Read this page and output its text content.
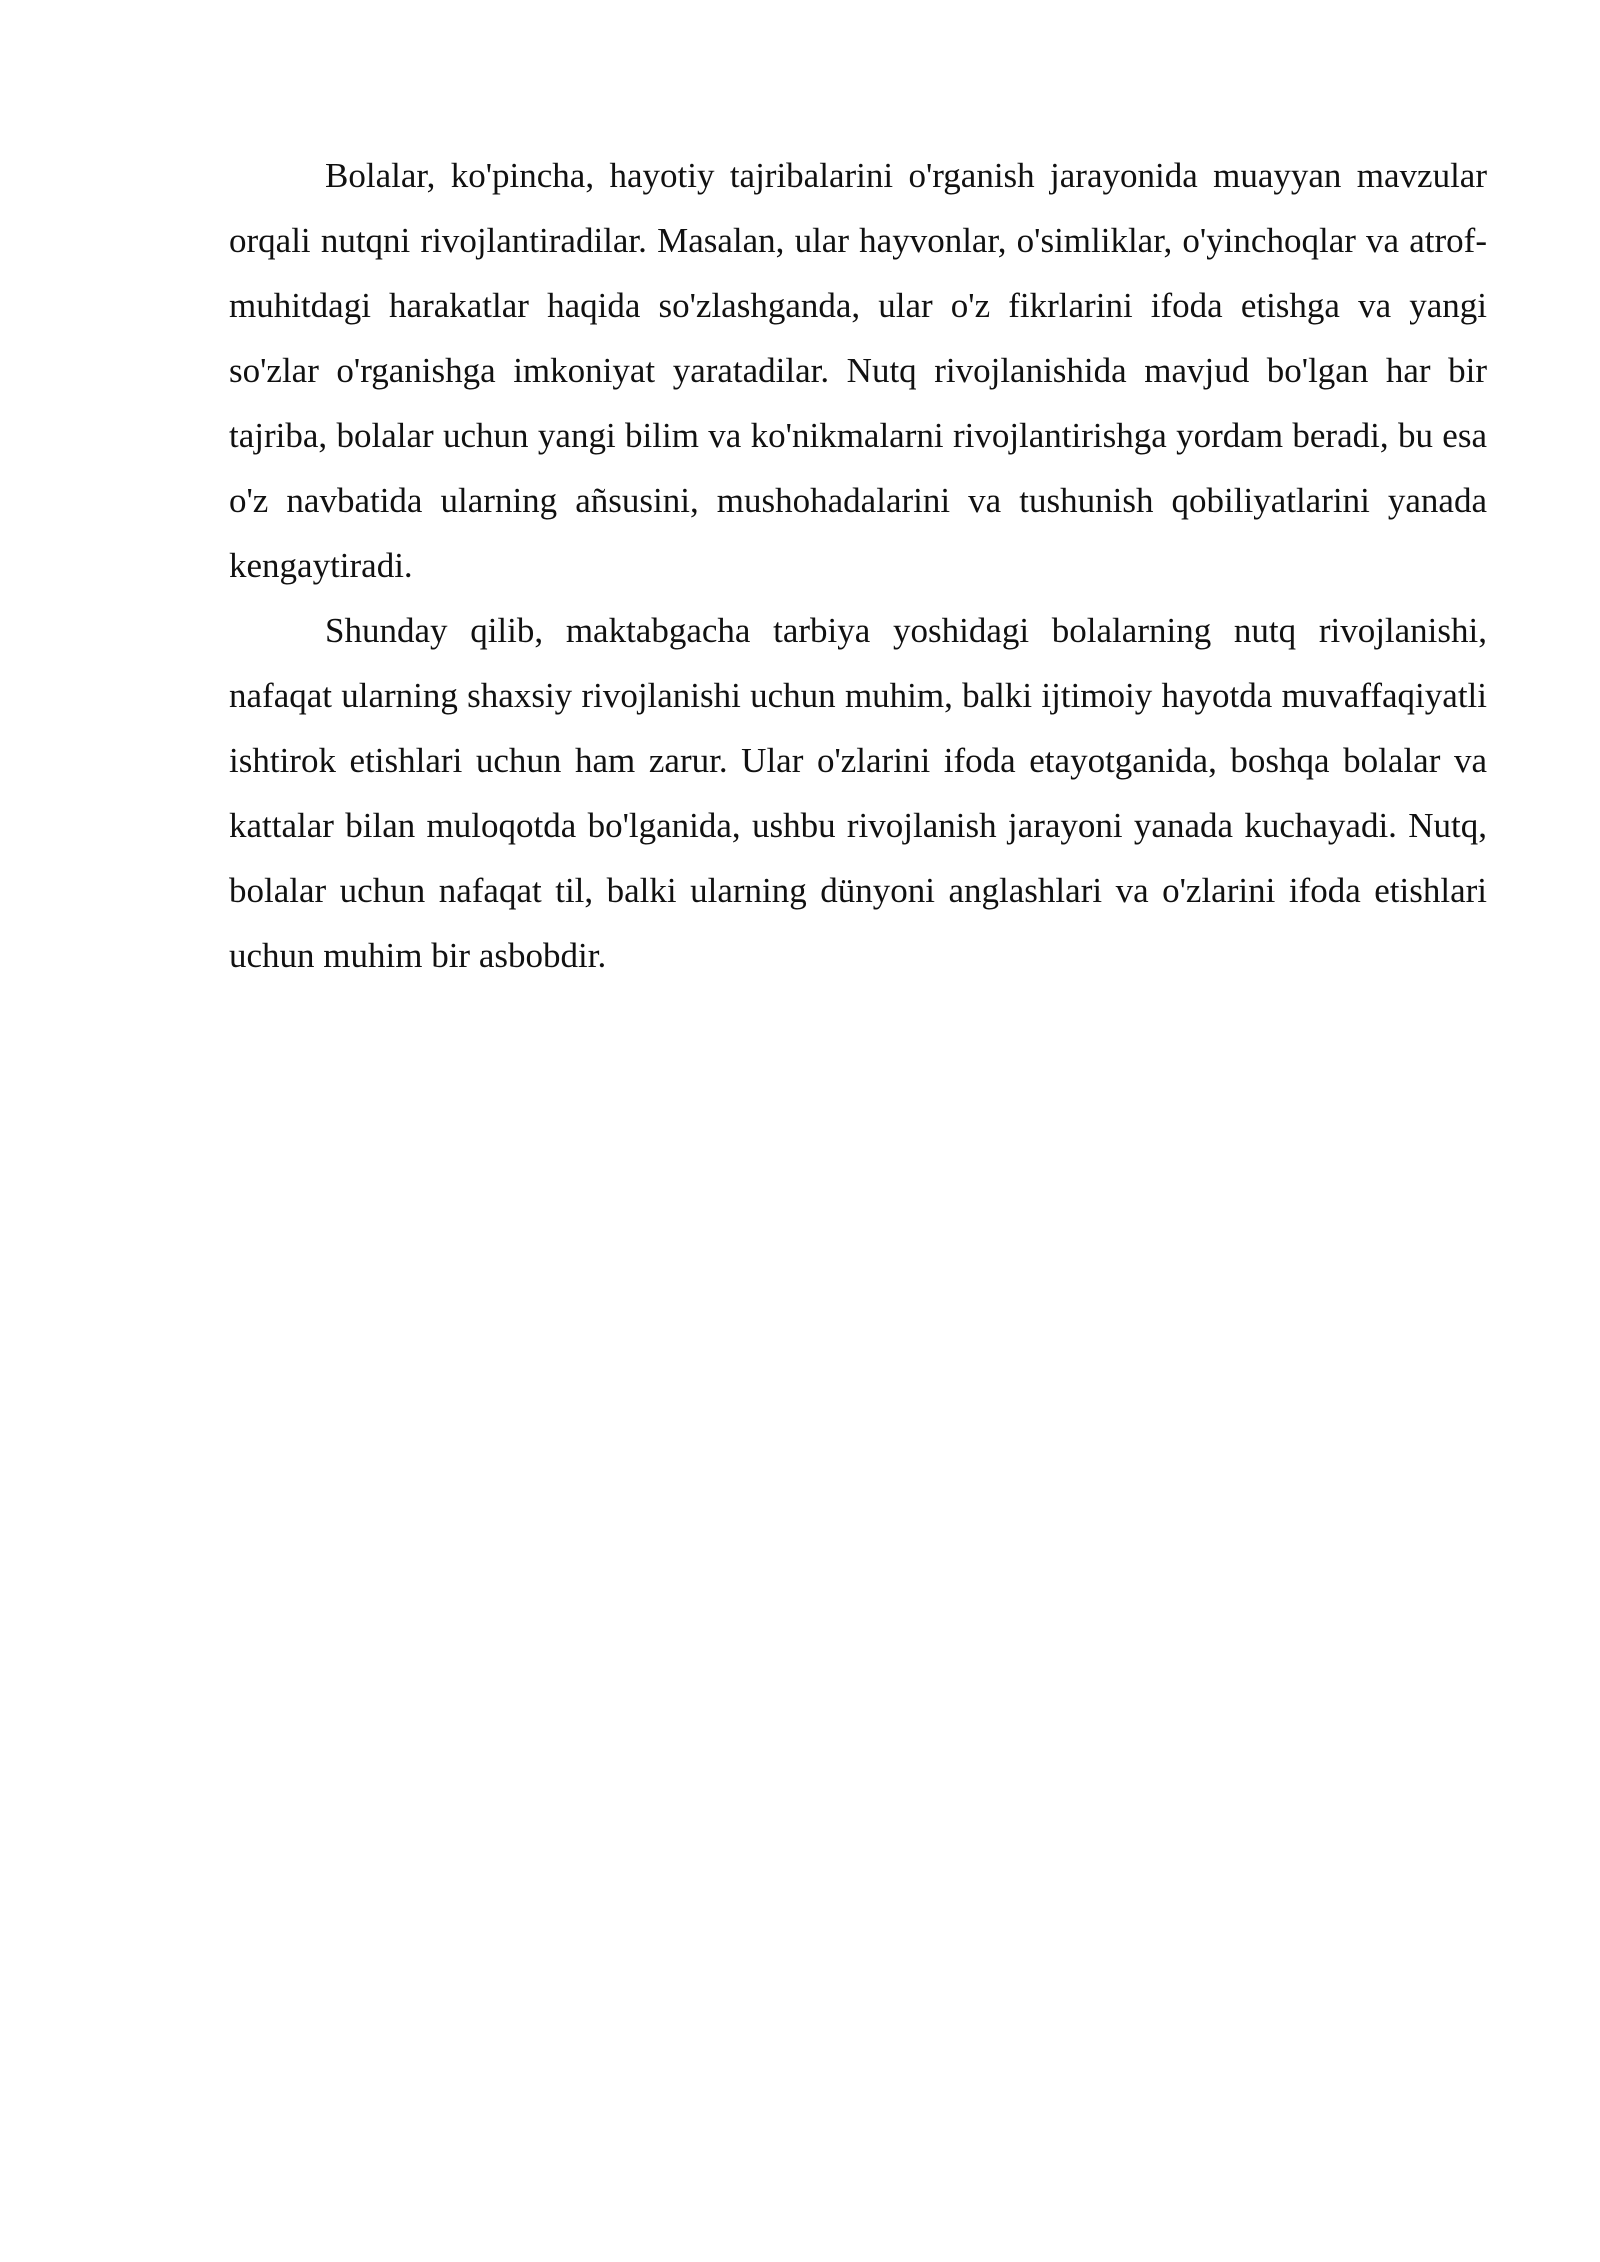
Bolalar, ko'pincha, hayotiy tajribalarini o'rganish jarayonida muayyan mavzular orqali nutqni rivojlantiradilar. Masalan, ular hayvonlar, o'simliklar, o'yinchoqlar va atrof-muhitdagi harakatlar haqida so'zlashganda, ular o'z fikrlarini ifoda etishga va yangi so'zlar o'rganishga imkoniyat yaratadilar. Nutq rivojlanishida mavjud bo'lgan har bir tajriba, bolalar uchun yangi bilim va ko'nikmalarni rivojlantirishga yordam beradi, bu esa o'z navbatida ularning añsusini, mushohadalarini va tushunish qobiliyatlarini yanada kengaytiradi.

Shunday qilib, maktabgacha tarbiya yoshidagi bolalarning nutq rivojlanishi, nafaqat ularning shaxsiy rivojlanishi uchun muhim, balki ijtimoiy hayotda muvaffaqiyatli ishtirok etishlari uchun ham zarur. Ular o'zlarini ifoda etayotganida, boshqa bolalar va kattalar bilan muloqotda bo'lganida, ushbu rivojlanish jarayoni yanada kuchayadi. Nutq, bolalar uchun nafaqat til, balki ularning dünyoni anglashlari va o'zlarini ifoda etishlari uchun muhim bir asbobdir.
